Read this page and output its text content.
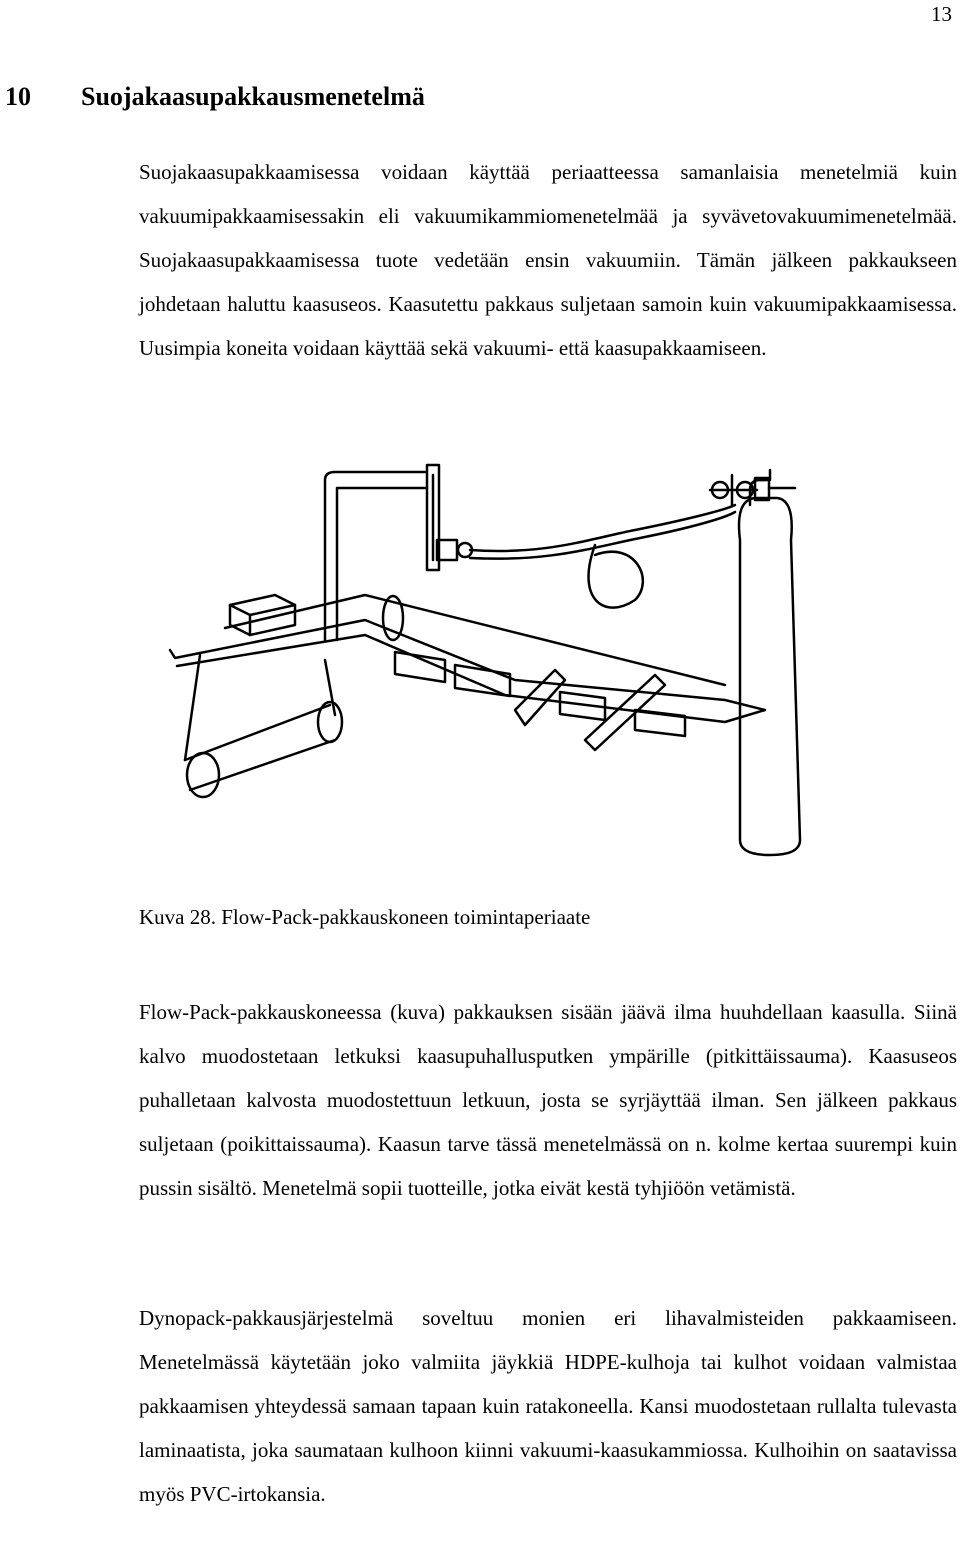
13
10 Suojakaasupakkausmenetelmä

Suojakaasupakkaamisessa voidaan käyttää periaatteessa samanlaisia menetelmiä kuin vakuumipakkaamisessakin eli vakuumikammiomenetelmää ja syvävetovakuumimenetelmää. Suojakaasupakkaamisessa tuote vedetään ensin vakuumiin. Tämän jälkeen pakkaukseen johdetaan haluttu kaasuseos. Kaasutettu pakkaus suljetaan samoin kuin vakuumipakkaamisessa. Uusimpia koneita voidaan käyttää sekä vakuumi- että kaasupakkaamiseen.

Kuva 28. Flow-Pack-pakkauskoneen toimintaperiaate

Flow-Pack-pakkauskoneessa (kuva) pakkauksen sisään jäävä ilma huuhdellaan kaasulla. Siinä kalvo muodostetaan letkuksi kaasupuhallusputken ympärille (pitkittäissauma). Kaasuseos puhalletaan kalvosta muodostettuun letkuun, josta se syrjäyttää ilman. Sen jälkeen pakkaus suljetaan (poikittaissauma). Kaasun tarve tässä menetelmässä on n. kolme kertaa suurempi kuin pussin sisältö. Menetelmä sopii tuotteille, jotka eivät kestä tyhjiöön vetämistä.

Dynopack-pakkausjärjestelmä soveltuu monien eri lihavalmisteiden pakkaamiseen. Menetelmässä käytetään joko valmiita jäykkiä HDPE-kulhoja tai kulhot voidaan valmistaa pakkaamisen yhteydessä samaan tapaan kuin ratakoneella. Kansi muodostetaan rullalta tulevasta laminaatista, joka saumataan kulhoon kiinni vakuumi-kaasukammiossa. Kulhoihin on saatavissa myös PVC-irtokansia.
